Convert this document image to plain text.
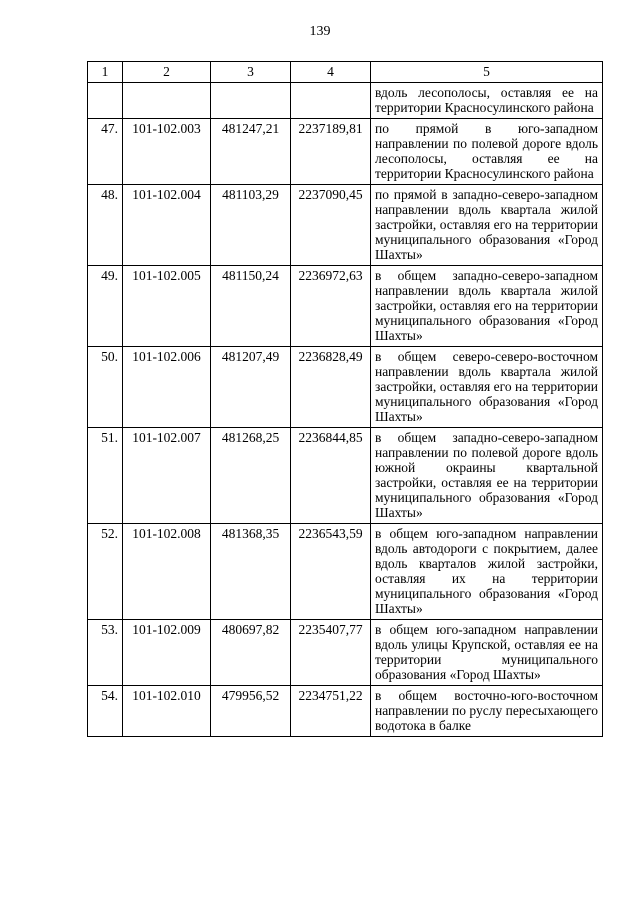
139
1	2	3	4	5
				вдоль лесополосы, оставляя ее на территории Красносулинского района
47.	101-102.003	481247,21	2237189,81	по прямой в юго-западном направлении по полевой дороге вдоль лесополосы, оставляя ее на территории Красносулинского района
48.	101-102.004	481103,29	2237090,45	по прямой в западно-северо-западном направлении вдоль квартала жилой застройки, оставляя его на территории муниципального образования «Город Шахты»
49.	101-102.005	481150,24	2236972,63	в общем западно-северо-западном направлении вдоль квартала жилой застройки, оставляя его на территории муниципального образования «Город Шахты»
50.	101-102.006	481207,49	2236828,49	в общем северо-северо-восточном направлении вдоль квартала жилой застройки, оставляя его на территории муниципального образования «Город Шахты»
51.	101-102.007	481268,25	2236844,85	в общем западно-северо-западном направлении по полевой дороге вдоль южной окраины квартальной застройки, оставляя ее на территории муниципального образования «Город Шахты»
52.	101-102.008	481368,35	2236543,59	в общем юго-западном направлении вдоль автодороги с покрытием, далее вдоль кварталов жилой застройки, оставляя их на территории муниципального образования «Город Шахты»
53.	101-102.009	480697,82	2235407,77	в общем юго-западном направлении вдоль улицы Крупской, оставляя ее на территории муниципального образования «Город Шахты»
54.	101-102.010	479956,52	2234751,22	в общем восточно-юго-восточном направлении по руслу пересыхающего водотока в балке
